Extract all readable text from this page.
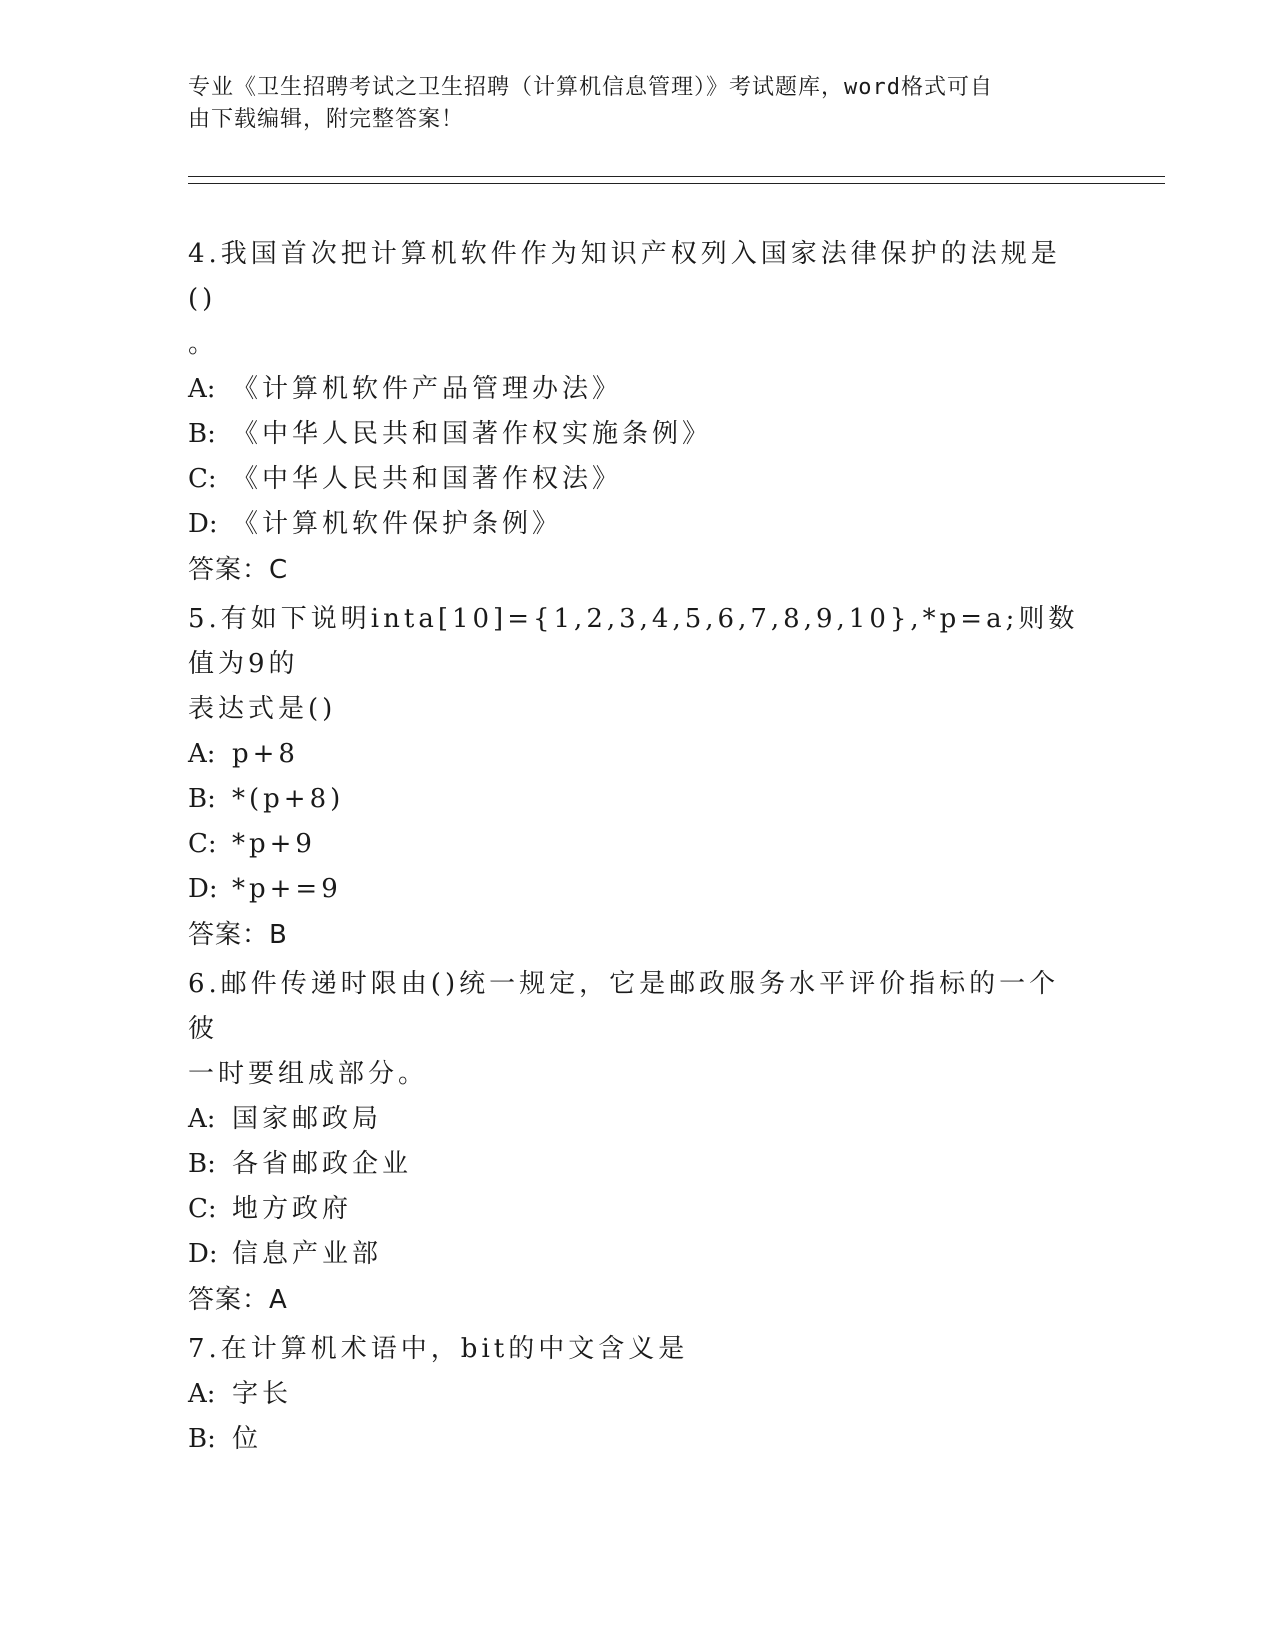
专业《卫生招聘考试之卫生招聘（计算机信息管理）》考试题库，word格式可自
由下载编辑，附完整答案！

4.我国首次把计算机软件作为知识产权列入国家法律保护的法规是()

。

A: 《计算机软件产品管理办法》

B: 《中华人民共和国著作权实施条例》

C: 《中华人民共和国著作权法》

D: 《计算机软件保护条例》

答案：C

5.有如下说明inta[10]={1,2,3,4,5,6,7,8,9,10},*p=a;则数值为9的

表达式是()

A: p+8

B: *(p+8)

C: *p+9

D: *p+=9

答案：B

6.邮件传递时限由()统一规定，它是邮政服务水平评价指标的一个彼

一时要组成部分。

A: 国家邮政局

B: 各省邮政企业

C: 地方政府

D: 信息产业部

答案：A

7.在计算机术语中，bit的中文含义是

A: 字长

B: 位
